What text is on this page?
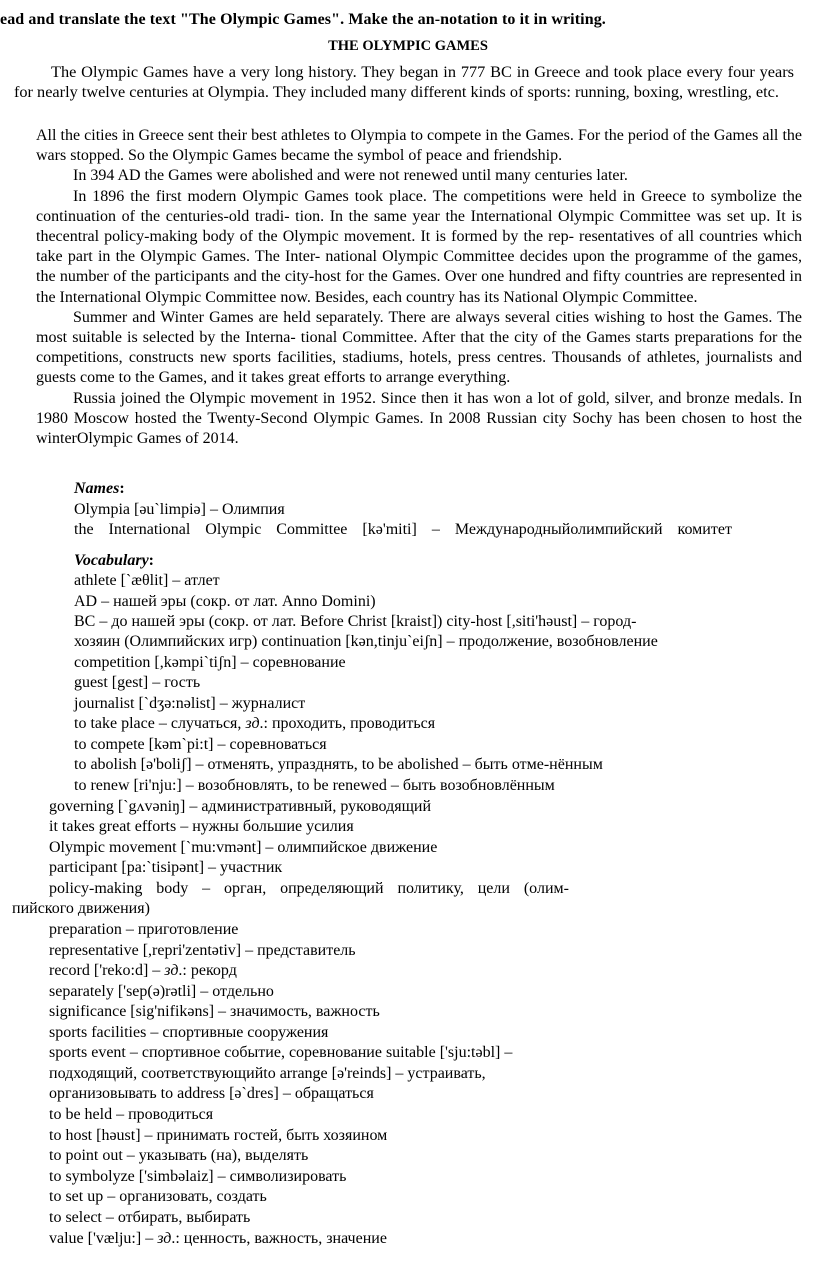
ead and translate the text "The Olympic Games". Make the an-notation to it in writing.
THE OLYMPIC GAMES

The Olympic Games have a very long history. They began in 777 BC in Greece and took place every four years for nearly twelve centuries at Olympia. They included many different kinds of sports: running, boxing, wrestling, etc.

All the cities in Greece sent their best athletes to Olympia to compete in the Games. For the period of the Games all the wars stopped. So the Olympic Games became the symbol of peace and friendship.

In 394 AD the Games were abolished and were not renewed until many centuries later.

In 1896 the first modern Olympic Games took place. The competitions were held in Greece to symbolize the continuation of the centuries-old tradi- tion. In the same year the International Olympic Committee was set up. It is thecentral policy-making body of the Olympic movement. It is formed by the rep- resentatives of all countries which take part in the Olympic Games. The Inter- national Olympic Committee decides upon the programme of the games, the number of the participants and the city-host for the Games. Over one hundred and fifty countries are represented in the International Olympic Committee now. Besides, each country has its National Olympic Committee.

Summer and Winter Games are held separately. There are always several cities wishing to host the Games. The most suitable is selected by the Interna- tional Committee. After that the city of the Games starts preparations for the competitions, constructs new sports facilities, stadiums, hotels, press centres. Thousands of athletes, journalists and guests come to the Games, and it takes great efforts to arrange everything.

Russia joined the Olympic movement in 1952. Since then it has won a lot of gold, silver, and bronze medals. In 1980 Moscow hosted the Twenty-Second Olympic Games. In 2008 Russian city Sochy has been chosen to host the winterOlympic Games of 2014.

Names:
Olympia [əu`limpiə] – Олимпия
the International Olympic Committee [kə'miti] – Международныйолимпийский комитет
Vocabulary:
athlete [`æθlit] – атлет
AD – нашей эры (сокр. от лат. Anno Domini)
BC – до нашей эры (сокр. от лат. Before Christ [kraist]) city-host [,siti'həust] – город-
хозяин (Олимпийских игр) continuation [kən,tinju`eiʃn] – продолжение, возобновление
competition [,kəmpi`tiʃn] – соревнование
guest [gest] – гость
journalist [`dʒə:nəlist] – журналист
to take place – случаться, зд.: проходить, проводиться
to compete [kəm`pi:t] – соревноваться
to abolish [ə'boliʃ] – отменять, упразднять, to be abolished – быть отме-нённым
to renew [ri'nju:] – возобновлять, to be renewed – быть возобновлённым
governing [`gʌvəniŋ] – административный, руководящий
it takes great efforts – нужны большие усилия
Olympic movement [`mu:vmənt] – олимпийское движение
participant [pa:`tisipənt] – участник
policy-making body – орган, определяющий политику, цели (олим-
пийского движения)
preparation – приготовление
representative [,repri'zentətiv] – представитель
record ['reko:d] – зд.: рекорд
separately ['sep(ə)rətli] – отдельно
significance [sig'nifikəns] – значимость, важность
sports facilities – спортивные сооружения
sports event – спортивное событие, соревнование suitable ['sju:təbl] –
подходящий, соответствующийto arrange [ə'reinds] – устраивать,
организовывать to address [ə`dres] – обращаться
to be held – проводиться
to host [həust] – принимать гостей, быть хозяином
to point out – указывать (на), выделять
to symbolyze ['simbəlaiz] – символизировать
to set up – организовать, создать
to select – отбирать, выбирать
value ['vælju:] – зд.: ценность, важность, значение
